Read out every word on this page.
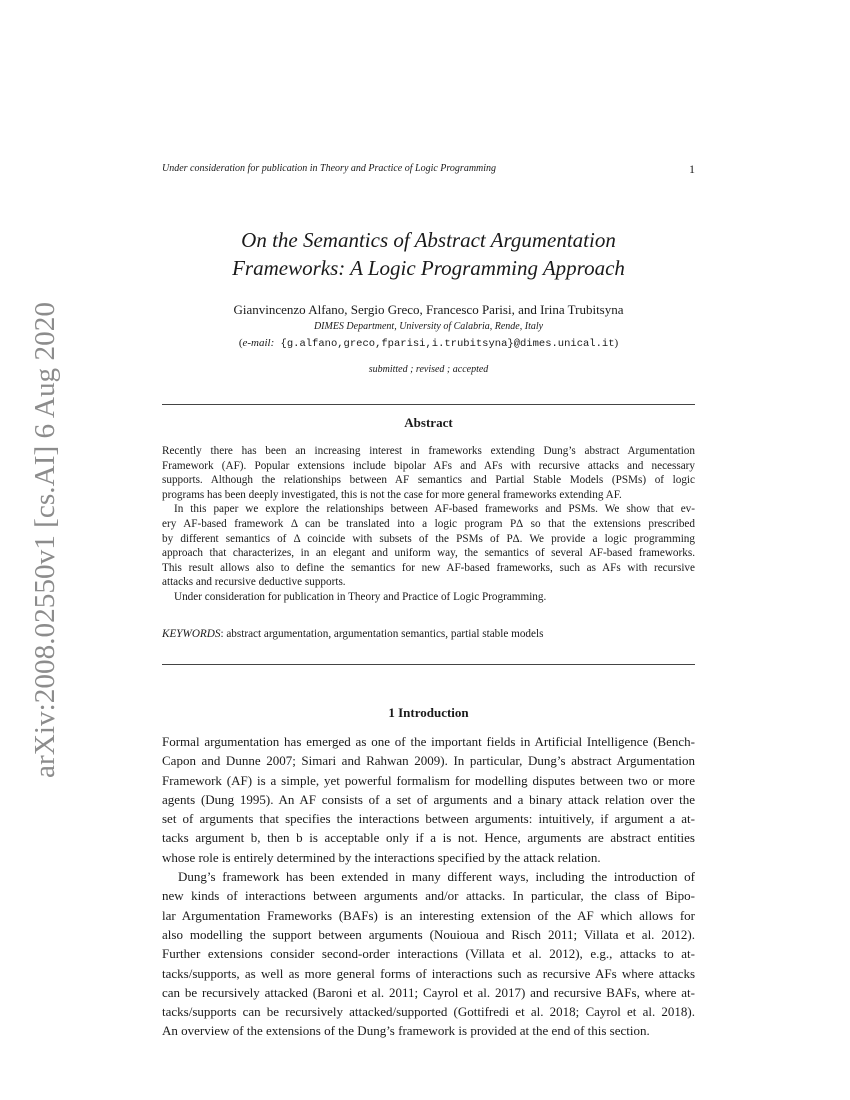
arXiv:2008.02550v1 [cs.AI] 6 Aug 2020
Under consideration for publication in Theory and Practice of Logic Programming	1
On the Semantics of Abstract Argumentation
Frameworks: A Logic Programming Approach
Gianvincenzo Alfano, Sergio Greco, Francesco Parisi, and Irina Trubitsyna
DIMES Department, University of Calabria, Rende, Italy
(e-mail: {g.alfano,greco,fparisi,i.trubitsyna}@dimes.unical.it)
submitted ; revised ; accepted
Abstract
Recently there has been an increasing interest in frameworks extending Dung’s abstract Argumentation
Framework (AF). Popular extensions include bipolar AFs and AFs with recursive attacks and necessary
supports. Although the relationships between AF semantics and Partial Stable Models (PSMs) of logic
programs has been deeply investigated, this is not the case for more general frameworks extending AF.
In this paper we explore the relationships between AF-based frameworks and PSMs. We show that ev-
ery AF-based framework Δ can be translated into a logic program P∆ so that the extensions prescribed
by different semantics of Δ coincide with subsets of the PSMs of P∆. We provide a logic programming
approach that characterizes, in an elegant and uniform way, the semantics of several AF-based frameworks.
This result allows also to define the semantics for new AF-based frameworks, such as AFs with recursive
attacks and recursive deductive supports.
Under consideration for publication in Theory and Practice of Logic Programming.
KEYWORDS: abstract argumentation, argumentation semantics, partial stable models
1 Introduction
Formal argumentation has emerged as one of the important fields in Artificial Intelligence (Bench-
Capon and Dunne 2007; Simari and Rahwan 2009). In particular, Dung’s abstract Argumentation
Framework (AF) is a simple, yet powerful formalism for modelling disputes between two or more
agents (Dung 1995). An AF consists of a set of arguments and a binary attack relation over the
set of arguments that specifies the interactions between arguments: intuitively, if argument a at-
tacks argument b, then b is acceptable only if a is not. Hence, arguments are abstract entities
whose role is entirely determined by the interactions specified by the attack relation.
Dung’s framework has been extended in many different ways, including the introduction of
new kinds of interactions between arguments and/or attacks. In particular, the class of Bipo-
lar Argumentation Frameworks (BAFs) is an interesting extension of the AF which allows for
also modelling the support between arguments (Nouioua and Risch 2011; Villata et al. 2012).
Further extensions consider second-order interactions (Villata et al. 2012), e.g., attacks to at-
tacks/supports, as well as more general forms of interactions such as recursive AFs where attacks
can be recursively attacked (Baroni et al. 2011; Cayrol et al. 2017) and recursive BAFs, where at-
tacks/supports can be recursively attacked/supported (Gottifredi et al. 2018; Cayrol et al. 2018).
An overview of the extensions of the Dung’s framework is provided at the end of this section.
